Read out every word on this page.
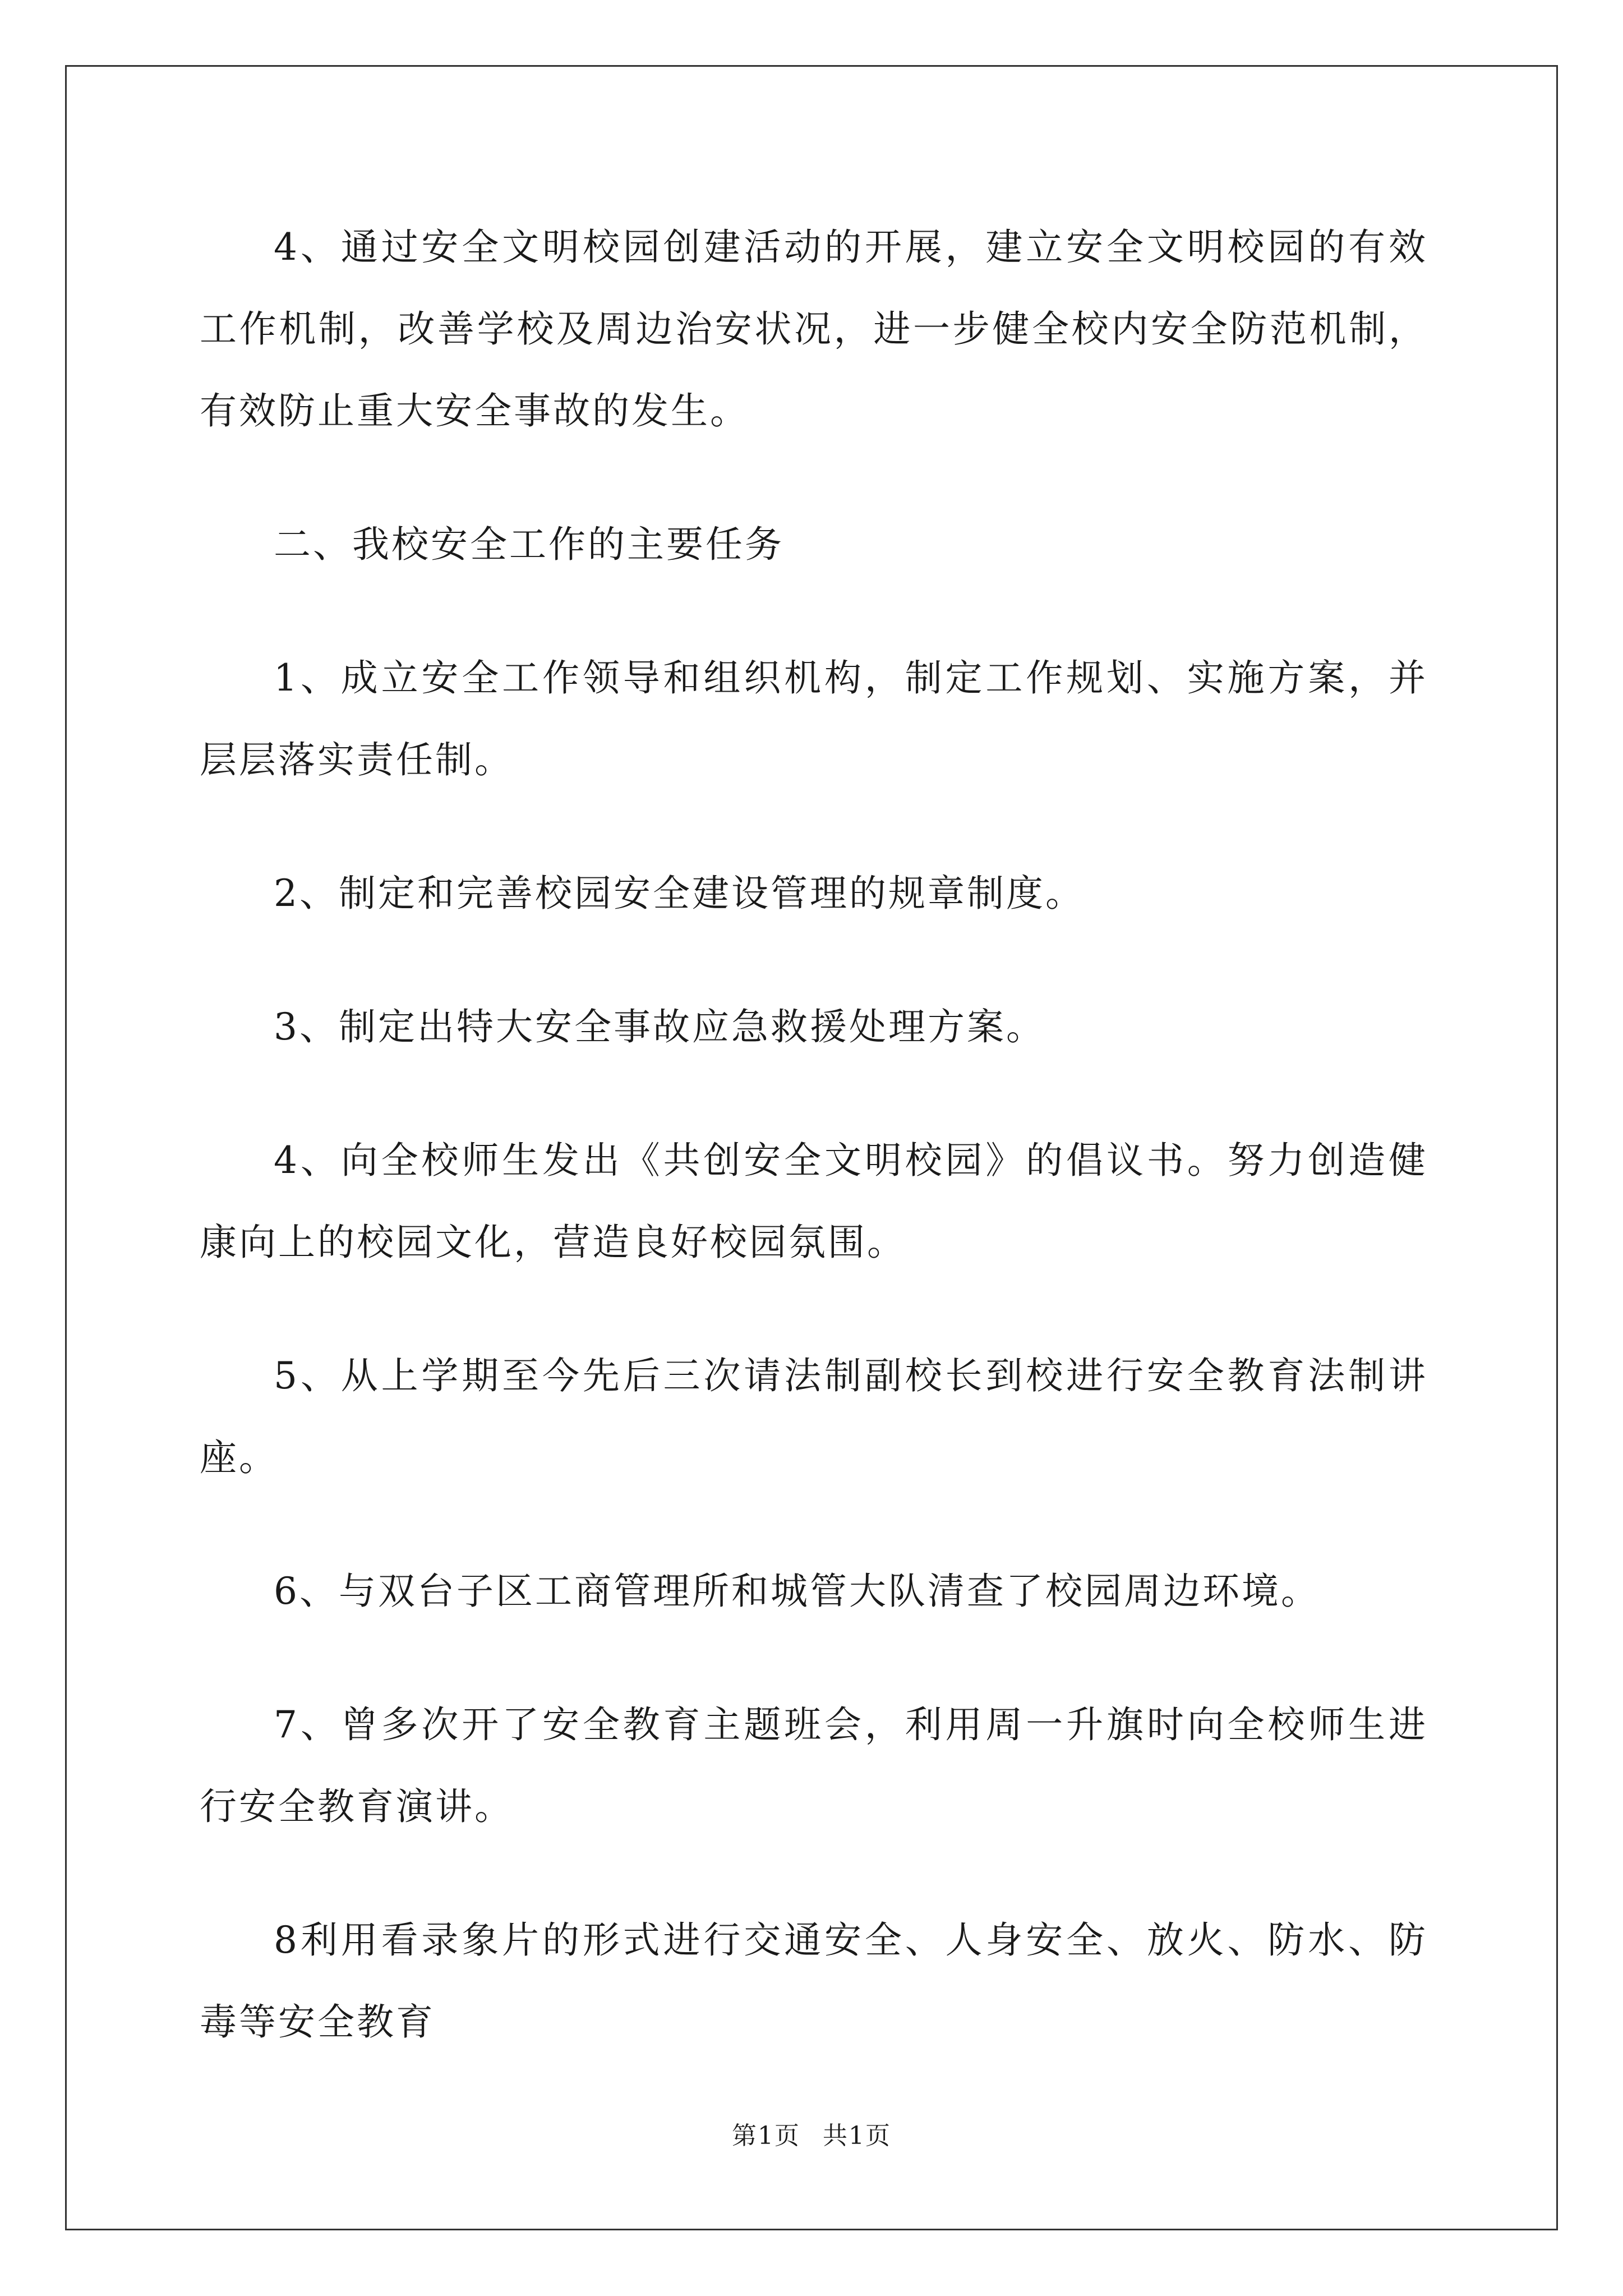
4、通过安全文明校园创建活动的开展，建立安全文明校园的有效工作机制，改善学校及周边治安状况，进一步健全校内安全防范机制，有效防止重大安全事故的发生。

二、我校安全工作的主要任务

1、成立安全工作领导和组织机构，制定工作规划、实施方案，并层层落实责任制。

2、制定和完善校园安全建设管理的规章制度。

3、制定出特大安全事故应急救援处理方案。

4、向全校师生发出《共创安全文明校园》的倡议书。努力创造健康向上的校园文化，营造良好校园氛围。

5、从上学期至今先后三次请法制副校长到校进行安全教育法制讲座。

6、与双台子区工商管理所和城管大队清查了校园周边环境。

7、曾多次开了安全教育主题班会，利用周一升旗时向全校师生进行安全教育演讲。

8利用看录象片的形式进行交通安全、人身安全、放火、防水、防毒等安全教育

第1页 共1页
